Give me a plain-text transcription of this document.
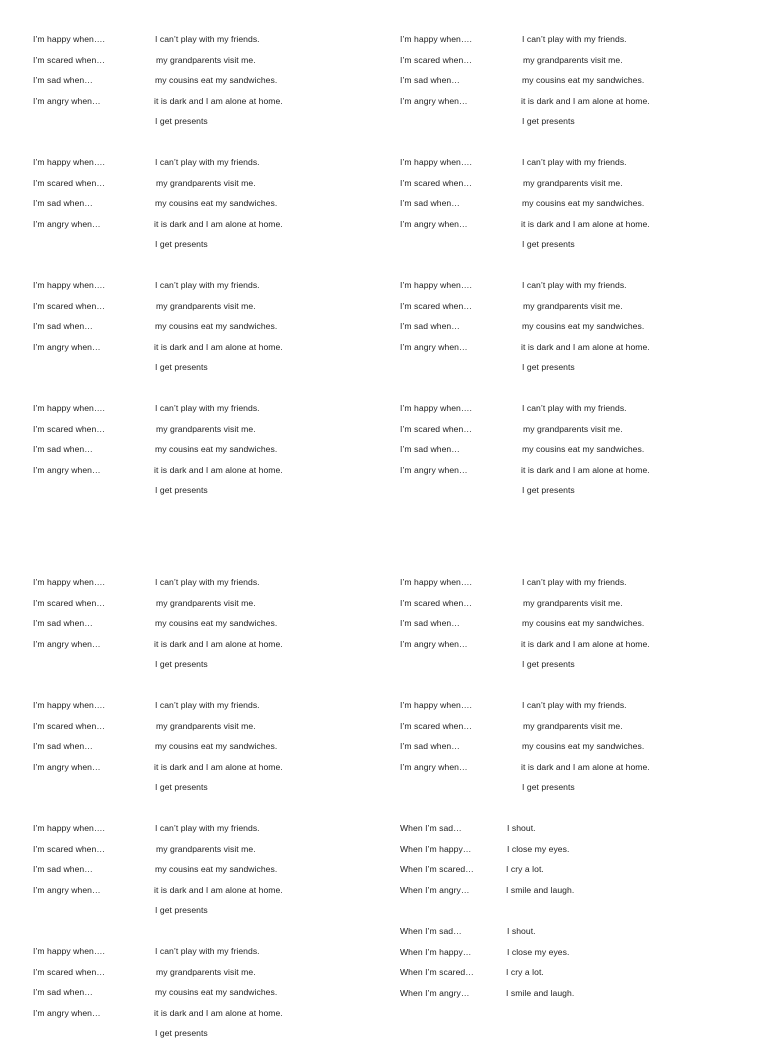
I’m happy when….
I’m scared when…
I’m sad when…
I’m angry when…
I can’t play with my friends.
my grandparents visit me.
my cousins eat my sandwiches.
it is dark and I am alone at home.
I get presents
I’m happy when….
I’m scared when…
I’m sad when…
I’m angry when…
I can’t play with my friends.
my grandparents visit me.
my cousins eat my sandwiches.
it is dark and I am alone at home.
I get presents
I’m happy when….
I’m scared when…
I’m sad when…
I’m angry when…
I can’t play with my friends.
my grandparents visit me.
my cousins eat my sandwiches.
it is dark and I am alone at home.
I get presents
I’m happy when….
I’m scared when…
I’m sad when…
I’m angry when…
I can’t play with my friends.
my grandparents visit me.
my cousins eat my sandwiches.
it is dark and I am alone at home.
I get presents
I’m happy when….
I’m scared when…
I’m sad when…
I’m angry when…
I can’t play with my friends.
my grandparents visit me.
my cousins eat my sandwiches.
it is dark and I am alone at home.
I get presents
I’m happy when….
I’m scared when…
I’m sad when…
I’m angry when…
I can’t play with my friends.
my grandparents visit me.
my cousins eat my sandwiches.
it is dark and I am alone at home.
I get presents
I’m happy when….
I’m scared when…
I’m sad when…
I’m angry when…
I can’t play with my friends.
my grandparents visit me.
my cousins eat my sandwiches.
it is dark and I am alone at home.
I get presents
I’m happy when….
I’m scared when…
I’m sad when…
I’m angry when…
I can’t play with my friends.
my grandparents visit me.
my cousins eat my sandwiches.
it is dark and I am alone at home.
I get presents
I’m happy when….
I’m scared when…
I’m sad when…
I’m angry when…
I can’t play with my friends.
my grandparents visit me.
my cousins eat my sandwiches.
it is dark and I am alone at home.
I get presents
I’m happy when….
I’m scared when…
I’m sad when…
I’m angry when…
I can’t play with my friends.
my grandparents visit me.
my cousins eat my sandwiches.
it is dark and I am alone at home.
I get presents
I’m happy when….
I’m scared when…
I’m sad when…
I’m angry when…
I can’t play with my friends.
my grandparents visit me.
my cousins eat my sandwiches.
it is dark and I am alone at home.
I get presents
I’m happy when….
I’m scared when…
I’m sad when…
I’m angry when…
I can’t play with my friends.
my grandparents visit me.
my cousins eat my sandwiches.
it is dark and I am alone at home.
I get presents
I’m happy when….
I’m scared when…
I’m sad when…
I’m angry when…
I can’t play with my friends.
my grandparents visit me.
my cousins eat my sandwiches.
it is dark and I am alone at home.
I get presents
I’m happy when….
I’m scared when…
I’m sad when…
I’m angry when…
I can’t play with my friends.
my grandparents visit me.
my cousins eat my sandwiches.
it is dark and I am alone at home.
I get presents
When I’m sad…
When I’m happy…
When I’m scared…
When I’m angry…
I shout.
I close my eyes.
I cry a lot.
I smile and laugh.
When I’m sad…
When I’m happy…
When I’m scared…
When I’m angry…
I shout.
I close my eyes.
I cry a lot.
I smile and laugh.
